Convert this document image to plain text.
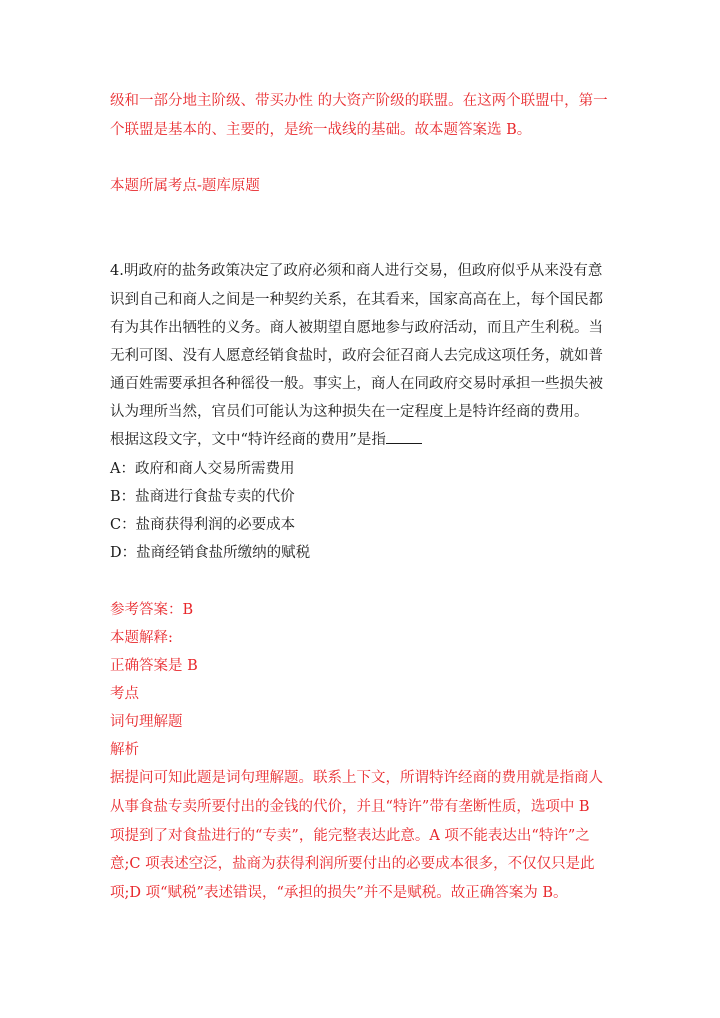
级和一部分地主阶级、带买办性 的大资产阶级的联盟。在这两个联盟中，第一
个联盟是基本的、主要的，是统一战线的基础。故本题答案选 B。
本题所属考点-题库原题
4.明政府的盐务政策决定了政府必须和商人进行交易，但政府似乎从来没有意
识到自己和商人之间是一种契约关系，在其看来，国家高高在上，每个国民都
有为其作出牺牲的义务。商人被期望自愿地参与政府活动，而且产生利税。当
无利可图、没有人愿意经销食盐时，政府会征召商人去完成这项任务，就如普
通百姓需要承担各种徭役一般。事实上，商人在同政府交易时承担一些损失被
认为理所当然，官员们可能认为这种损失在一定程度上是特许经商的费用。
根据这段文字，文中“特许经商的费用”是指
A：政府和商人交易所需费用
B：盐商进行食盐专卖的代价
C：盐商获得利润的必要成本
D：盐商经销食盐所缴纳的赋税
参考答案：B
本题解释:
正确答案是 B
考点
词句理解题
解析
据提问可知此题是词句理解题。联系上下文，所谓特许经商的费用就是指商人
从事食盐专卖所要付出的金钱的代价，并且“特许”带有垄断性质，选项中 B
项提到了对食盐进行的“专卖”，能完整表达此意。A 项不能表达出“特许”之
意;C 项表述空泛，盐商为获得利润所要付出的必要成本很多，不仅仅只是此
项;D 项“赋税”表述错误，“承担的损失”并不是赋税。故正确答案为 B。
